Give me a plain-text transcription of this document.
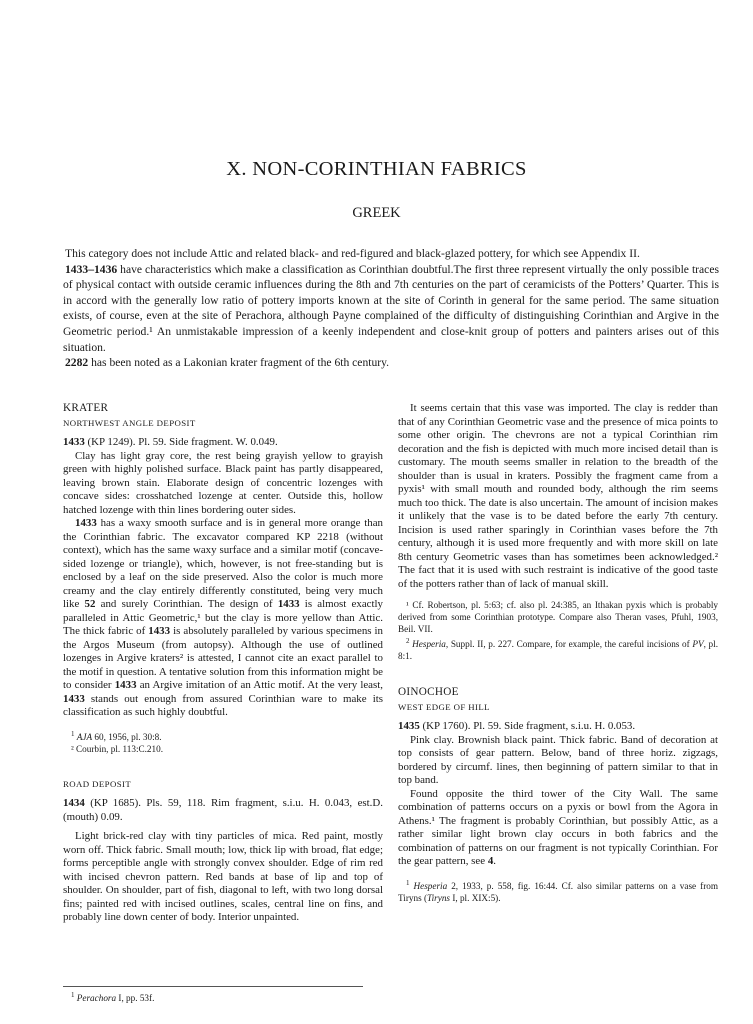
X. NON-CORINTHIAN FABRICS
GREEK

This category does not include Attic and related black- and red-figured and black-glazed pottery, for which see Appendix II.

1433–1436 have characteristics which make a classification as Corinthian doubtful.The first three represent virtually the only possible traces of physical contact with outside ceramic influences during the 8th and 7th centuries on the part of ceramicists of the Potters’ Quarter. This is in accord with the generally low ratio of pottery imports known at the site of Corinth in general for the same period. The same situation exists, of course, even at the site of Perachora, although Payne complained of the difficulty of distinguishing Corinthian and Argive in the Geometric period.¹ An unmistakable impression of a keenly independent and close-knit group of potters and painters arises out of this situation.

2282 has been noted as a Lakonian krater fragment of the 6th century.

KRATER
NORTHWEST ANGLE DEPOSIT

1433 (KP 1249). Pl. 59. Side fragment. W. 0.049.

Clay has light gray core, the rest being grayish yellow to grayish green with highly polished surface. Black paint has partly disappeared, leaving brown stain. Elaborate design of concentric lozenges with concave sides: crosshatched lozenge at center. Outside this, hollow hatched lozenge with thin lines bordering outer sides.

1433 has a waxy smooth surface and is in general more orange than the Corinthian fabric. The excavator compared KP 2218 (without context), which has the same waxy surface and a similar motif (concave-sided lozenge or triangle), which, however, is not free-standing but is enclosed by a leaf on the side preserved. Also the color is much more creamy and the clay entirely differently constituted, being very much like 52 and surely Corinthian. The design of 1433 is almost exactly paralleled in Attic Geometric,¹ but the clay is more yellow than Attic. The thick fabric of 1433 is absolutely paralleled by various specimens in the Argos Museum (from autopsy). Although the use of outlined lozenges in Argive kraters² is attested, I cannot cite an exact parallel to the motif in question. A tentative solution from this information might be to consider 1433 an Argive imitation of an Attic motif. At the very least, 1433 stands out enough from assured Corinthian ware to make its classification as such highly doubtful.

$^1$ AJA 60, 1956, pl. 30:8.

² Courbin, pl. 113:C.210.

ROAD DEPOSIT

1434 (KP 1685). Pls. 59, 118. Rim fragment, s.i.u. H. 0.043, est.D. (mouth) 0.09.

Light brick-red clay with tiny particles of mica. Red paint, mostly worn off. Thick fabric. Small mouth; low, thick lip with broad, flat edge; forms perceptible angle with strongly convex shoulder. Edge of rim red with incised chevron pattern. Red bands at base of lip and top of shoulder. On shoulder, part of fish, diagonal to left, with two long dorsal fins; painted red with incised outlines, scales, central line on fins, and probably line down center of body. Interior unpainted.

It seems certain that this vase was imported. The clay is redder than that of any Corinthian Geometric vase and the presence of mica points to some other origin. The chevrons are not a typical Corinthian rim decoration and the fish is depicted with much more incised detail than is customary. The mouth seems smaller in relation to the breadth of the shoulder than is usual in kraters. Possibly the fragment came from a pyxis¹ with small mouth and rounded body, although the rim seems much too thick. The date is also uncertain. The amount of incision makes it unlikely that the vase is to be dated before the early 7th century. Incision is used rather sparingly in Corinthian vases before the 7th century, although it is used more frequently and with more skill on late 8th century Geometric vases than has sometimes been acknowledged.² The fact that it is used with such restraint is indicative of the good taste of the potters rather than of lack of manual skill.

¹ Cf. Robertson, pl. 5:63; cf. also pl. 24:385, an Ithakan pyxis which is probably derived from some Corinthian prototype. Compare also Theran vases, Pfuhl, 1903, Beil. VII.

$^2$ Hesperia, Suppl. II, p. 227. Compare, for example, the careful incisions of PV, pl. 8:1.

OINOCHOE
WEST EDGE OF HILL

1435 (KP 1760). Pl. 59. Side fragment, s.i.u. H. 0.053.

Pink clay. Brownish black paint. Thick fabric. Band of decoration at top consists of gear pattern. Below, band of three horiz. zigzags, bordered by circumf. lines, then beginning of pattern similar to that in top band.

Found opposite the third tower of the City Wall. The same combination of patterns occurs on a pyxis or bowl from the Agora in Athens.¹ The fragment is probably Corinthian, but possibly Attic, as a rather similar light brown clay occurs in both fabrics and the combination of patterns on our fragment is not typically Corinthian. For the gear pattern, see 4.

$^1$ Hesperia 2, 1933, p. 558, fig. 16:44. Cf. also similar patterns on a vase from Tiryns (Tiryns I, pl. XIX:5).

$^1$ Perachora I, pp. 53f.
